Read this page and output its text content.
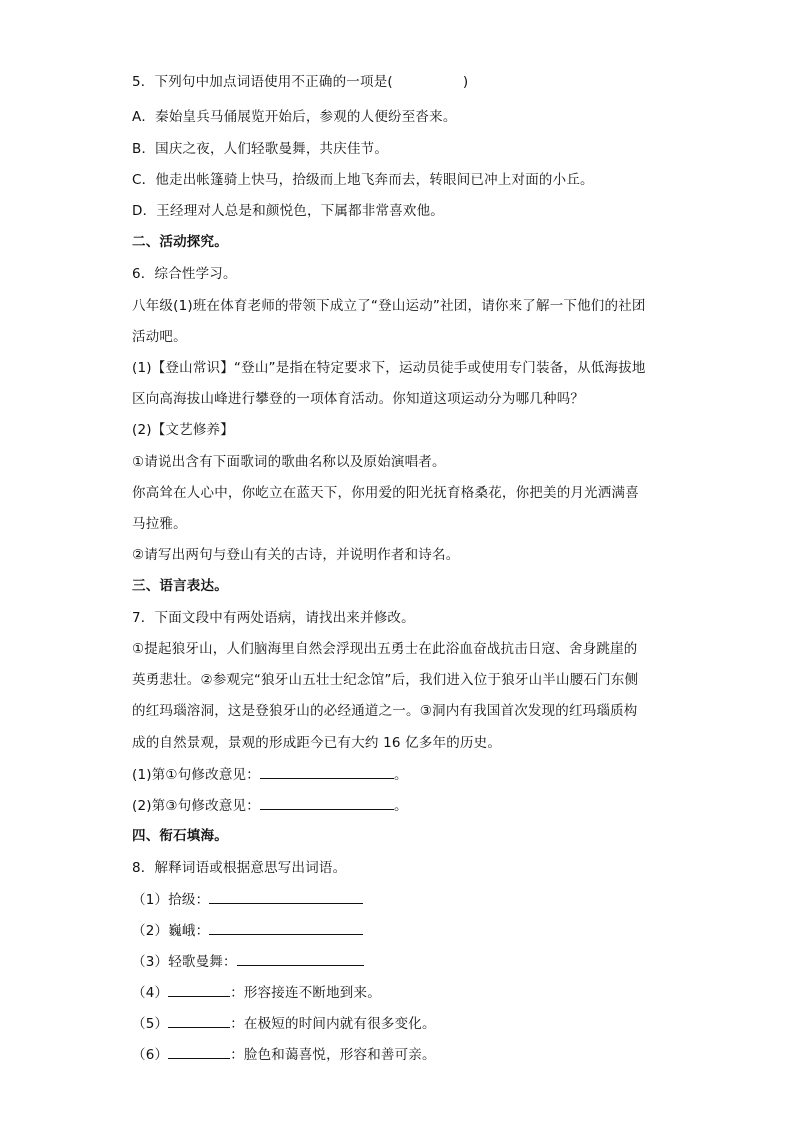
5．下列句中加点词语使用不正确的一项是(	)
A．秦始皇兵马俑展览开始后，参观的人便纷至沓来。
B．国庆之夜，人们轻歌曼舞，共庆佳节。
C．他走出帐篷骑上快马，拾级而上地飞奔而去，转眼间已冲上对面的小丘。
D．王经理对人总是和颜悦色，下属都非常喜欢他。
二、活动探究。
6．综合性学习。
八年级(1)班在体育老师的带领下成立了“登山运动”社团，请你来了解一下他们的社团
活动吧。
(1)【登山常识】“登山”是指在特定要求下，运动员徒手或使用专门装备，从低海拔地
区向高海拔山峰进行攀登的一项体育活动。你知道这项运动分为哪几种吗？
(2)【文艺修养】
①请说出含有下面歌词的歌曲名称以及原始演唱者。
你高耸在人心中，你屹立在蓝天下，你用爱的阳光抚育格桑花，你把美的月光洒满喜
马拉雅。
②请写出两句与登山有关的古诗，并说明作者和诗名。
三、语言表达。
7．下面文段中有两处语病，请找出来并修改。
①提起狼牙山，人们脑海里自然会浮现出五勇士在此浴血奋战抗击日寇、舍身跳崖的
英勇悲壮。②参观完“狼牙山五壮士纪念馆”后，我们进入位于狼牙山半山腰石门东侧
的红玛瑙溶洞，这是登狼牙山的必经通道之一。③洞内有我国首次发现的红玛瑙质构
成的自然景观，景观的形成距今已有大约 16 亿多年的历史。
(1)第①句修改意见：	。
(2)第③句修改意见：	。
四、衔石填海。
8．解释词语或根据意思写出词语。
（1）拾级：
（2）巍峨：
（3）轻歌曼舞：
（4）	：形容接连不断地到来。
（5）	：在极短的时间内就有很多变化。
（6）	：脸色和蔼喜悦，形容和善可亲。
